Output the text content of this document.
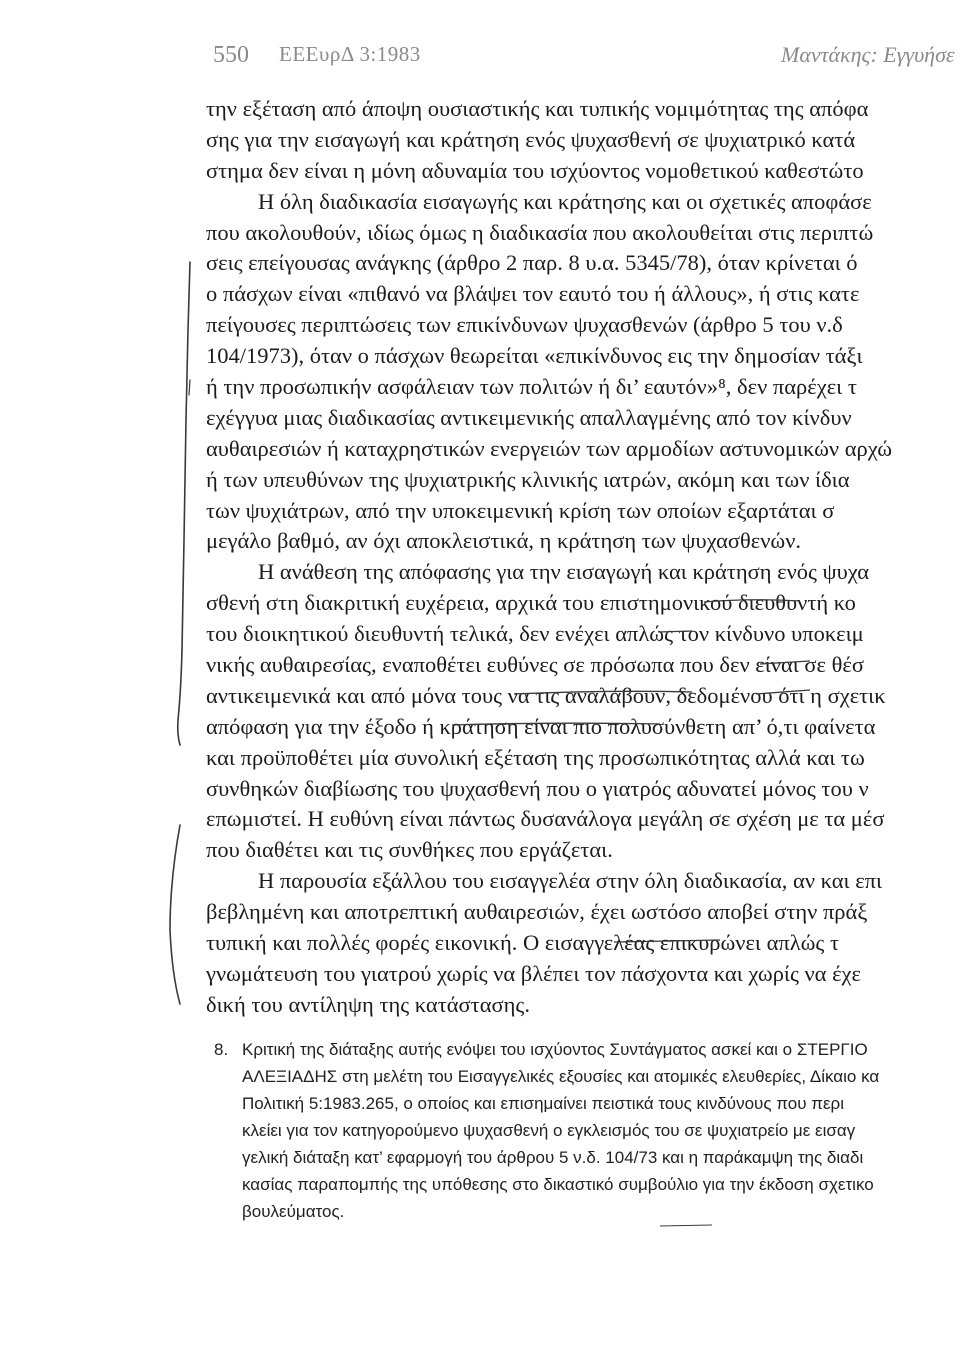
550 ΕΕΕυρΔ 3:1983	Μαντάκης: Εγγυήσε
την εξέταση από άποψη ουσιαστικής και τυπικής νομιμότητας της απόφα
σης για την εισαγωγή και κράτηση ενός ψυχασθενή σε ψυχιατρικό κατά
στημα δεν είναι η μόνη αδυναμία του ισχύοντος νομοθετικού καθεστώτο
Η όλη διαδικασία εισαγωγής και κράτησης και οι σχετικές αποφάσε
που ακολουθούν, ιδίως όμως η διαδικασία που ακολουθείται στις περιπτώ
σεις επείγουσας ανάγκης (άρθρο 2 παρ. 8 υ.α. 5345/78), όταν κρίνεται ό
ο πάσχων είναι «πιθανό να βλάψει τον εαυτό του ή άλλους», ή στις κατε
πείγουσες περιπτώσεις των επικίνδυνων ψυχασθενών (άρθρο 5 του ν.δ
104/1973), όταν ο πάσχων θεωρείται «επικίνδυνος εις την δημοσίαν τάξι
ή την προσωπικήν ασφάλειαν των πολιτών ή δι’ εαυτόν»⁸, δεν παρέχει τ
εχέγγυα μιας διαδικασίας αντικειμενικής απαλλαγμένης από τον κίνδυν
αυθαιρεσιών ή καταχρηστικών ενεργειών των αρμοδίων αστυνομικών αρχώ
ή των υπευθύνων της ψυχιατρικής κλινικής ιατρών, ακόμη και των ίδια
των ψυχιάτρων, από την υποκειμενική κρίση των οποίων εξαρτάται σ
μεγάλο βαθμό, αν όχι αποκλειστικά, η κράτηση των ψυχασθενών.
Η ανάθεση της απόφασης για την εισαγωγή και κράτηση ενός ψυχα
σθενή στη διακριτική ευχέρεια, αρχικά του επιστημονικού διευθυντή κο
του διοικητικού διευθυντή τελικά, δεν ενέχει απλώς τον κίνδυνο υποκειμ
νικής αυθαιρεσίας, εναποθέτει ευθύνες σε πρόσωπα που δεν είναι σε θέσ
αντικειμενικά και από μόνα τους να τις αναλάβουν, δεδομένου ότι η σχετικ
απόφαση για την έξοδο ή κράτηση είναι πιο πολυσύνθετη απ’ ό,τι φαίνετα
και προϋποθέτει μία συνολική εξέταση της προσωπικότητας αλλά και τω
συνθηκών διαβίωσης του ψυχασθενή που ο γιατρός αδυνατεί μόνος του ν
επωμιστεί. Η ευθύνη είναι πάντως δυσανάλογα μεγάλη σε σχέση με τα μέσ
που διαθέτει και τις συνθήκες που εργάζεται.
Η παρουσία εξάλλου του εισαγγελέα στην όλη διαδικασία, αν και επι
βεβλημένη και αποτρεπτική αυθαιρεσιών, έχει ωστόσο αποβεί στην πράξ
τυπική και πολλές φορές εικονική. Ο εισαγγελέας επικυρώνει απλώς τ
γνωμάτευση του γιατρού χωρίς να βλέπει τον πάσχοντα και χωρίς να έχε
δική του αντίληψη της κατάστασης.
8. Κριτική της διάταξης αυτής ενόψει του ισχύοντος Συντάγματος ασκεί και ο ΣΤΕΡΓΙΟ
ΑΛΕΞΙΑΔΗΣ στη μελέτη του Εισαγγελικές εξουσίες και ατομικές ελευθερίες, Δίκαιο κα
Πολιτική 5:1983.265, ο οποίος και επισημαίνει πειστικά τους κινδύνους που περι
κλείει για τον κατηγορούμενο ψυχασθενή ο εγκλεισμός του σε ψυχιατρείο με εισαγ
γελική διάταξη κατ’ εφαρμογή του άρθρου 5 ν.δ. 104/73 και η παράκαμψη της διαδι
κασίας παραπομπής της υπόθεσης στο δικαστικό συμβούλιο για την έκδοση σχετικο
βουλεύματος.
